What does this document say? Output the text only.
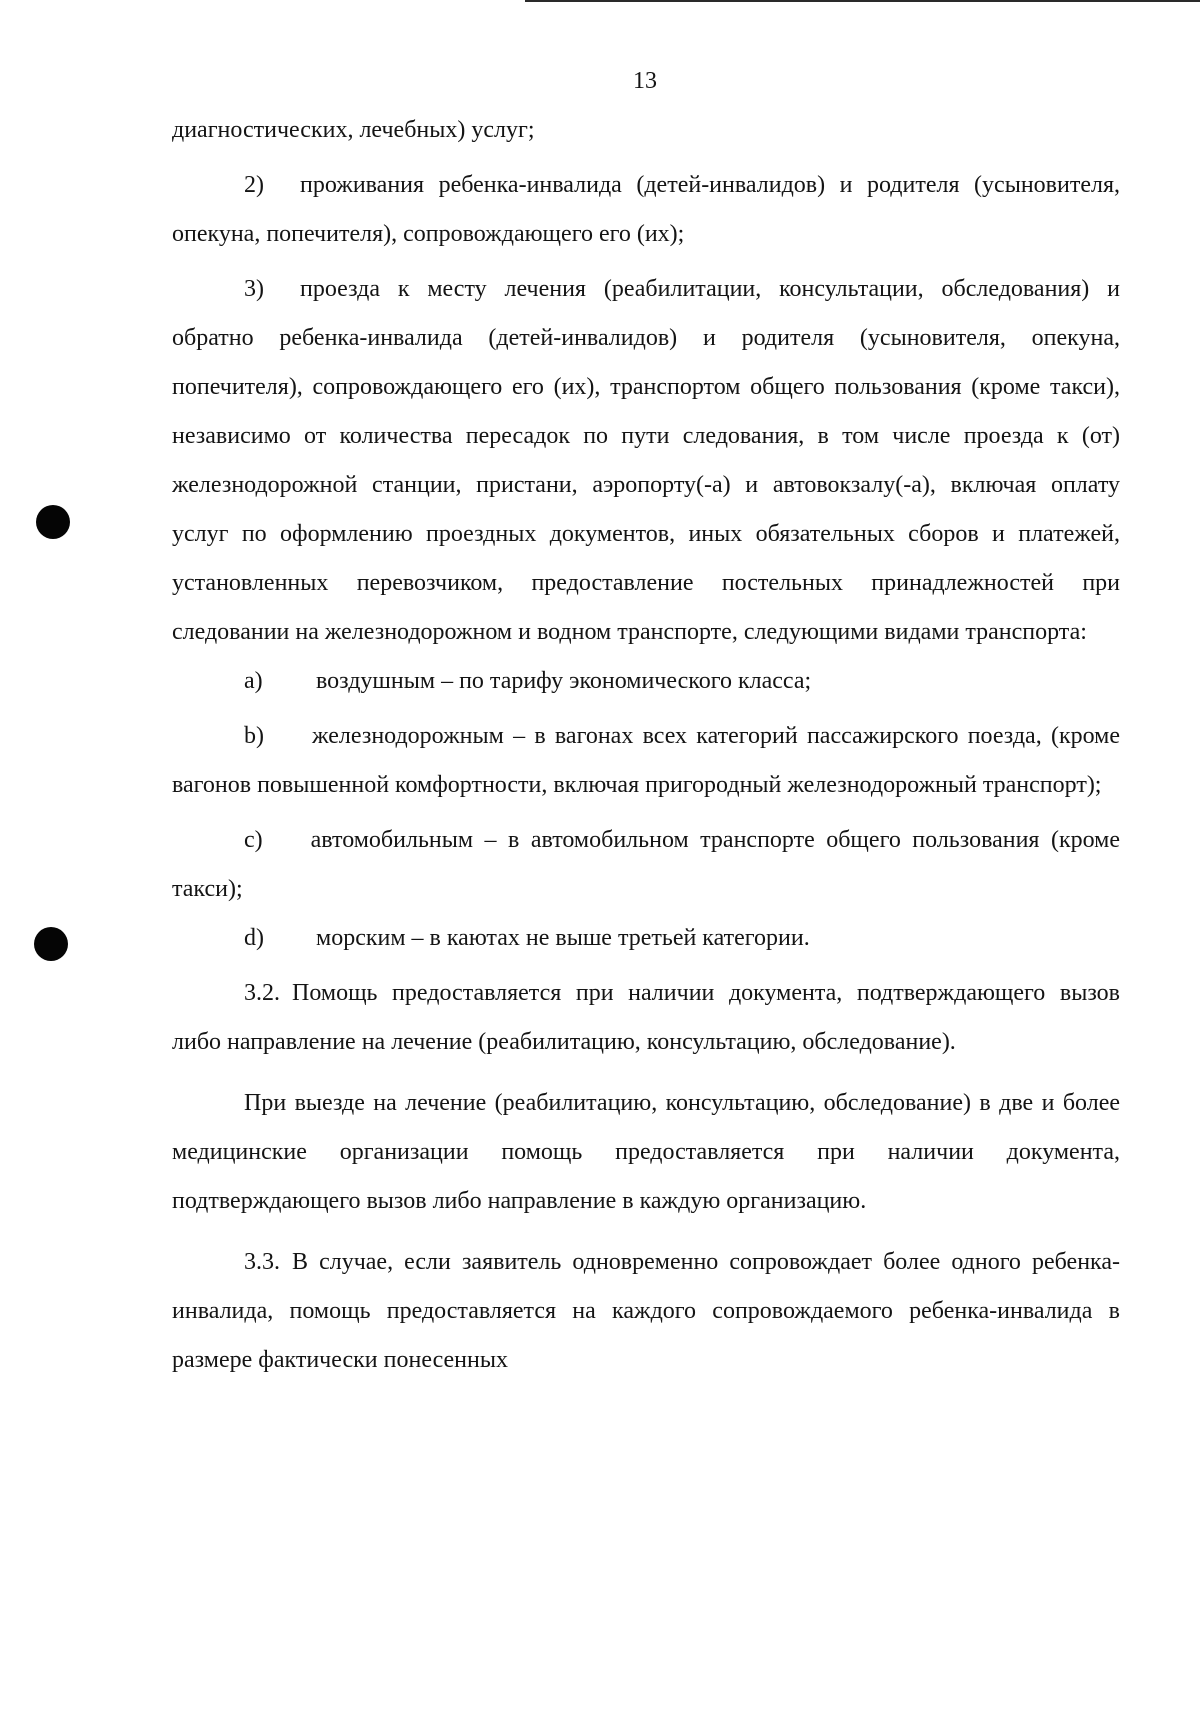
13

диагностических, лечебных) услуг;

2)  проживания ребенка-инвалида (детей-инвалидов) и родителя (усыновителя, опекуна, попечителя), сопровождающего его (их);

3)  проезда к месту лечения (реабилитации, консультации, обследования) и обратно ребенка-инвалида (детей-инвалидов) и родителя (усыновителя, опекуна, попечителя), сопровождающего его (их), транспортом общего пользования (кроме такси), независимо от количества пересадок по пути следования, в том числе проезда к (от) железнодорожной станции, пристани, аэропорту(-а) и автовокзалу(-а), включая оплату услуг по оформлению проездных документов, иных обязательных сборов и платежей, установленных перевозчиком, предоставление постельных принадлежностей при следовании на железнодорожном и водном транспорте, следующими видами транспорта:

a)	воздушным – по тарифу экономического класса;

b)  железнодорожным – в вагонах всех категорий пассажирского поезда, (кроме вагонов повышенной комфортности, включая пригородный железнодорожный транспорт);

c)  автомобильным – в автомобильном транспорте общего пользования (кроме такси);

d)	морским – в каютах не выше третьей категории.

3.2. Помощь предоставляется при наличии документа, подтверждающего вызов либо направление на лечение (реабилитацию, консультацию, обследование).

При выезде на лечение (реабилитацию, консультацию, обследование) в две и более медицинские организации помощь предоставляется при наличии документа, подтверждающего вызов либо направление в каждую организацию.

3.3. В случае, если заявитель одновременно сопровождает более одного ребенка-инвалида, помощь предоставляется на каждого сопровождаемого ребенка-инвалида в размере фактически понесенных
